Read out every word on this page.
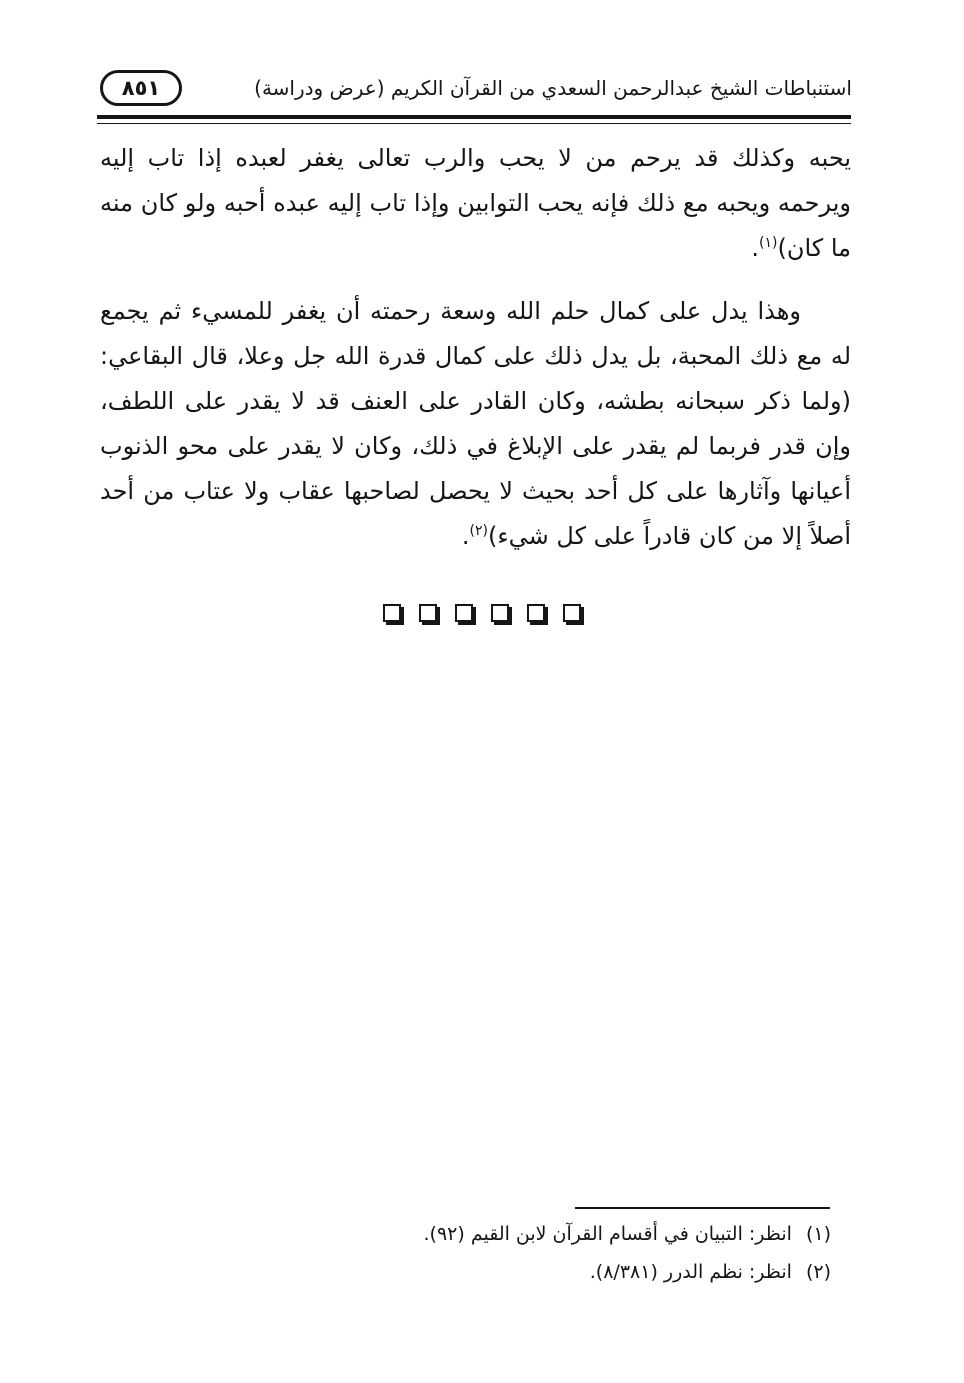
استنباطات الشيخ عبدالرحمن السعدي من القرآن الكريم (عرض ودراسة)
٨٥١

يحبه وكذلك قد يرحم من لا يحب والرب تعالى يغفر لعبده إذا تاب إليه ويرحمه ويحبه مع ذلك فإنه يحب التوابين وإذا تاب إليه عبده أحبه ولو كان منه ما كان)$^{(١)}$.

وهذا يدل على كمال حلم الله وسعة رحمته أن يغفر للمسيء ثم يجمع له مع ذلك المحبة، بل يدل ذلك على كمال قدرة الله جل وعلا، قال البقاعي: (ولما ذكر سبحانه بطشه، وكان القادر على العنف قد لا يقدر على اللطف، وإن قدر فربما لم يقدر على الإبلاغ في ذلك، وكان لا يقدر على محو الذنوب أعيانها وآثارها على كل أحد بحيث لا يحصل لصاحبها عقاب ولا عتاب من أحد أصلاً إلا من كان قادراً على كل شيء)$^{(٢)}$.

(١)انظر: التبيان في أقسام القرآن لابن القيم (٩٢).

(٢)انظر: نظم الدرر (٨/٣٨١).
